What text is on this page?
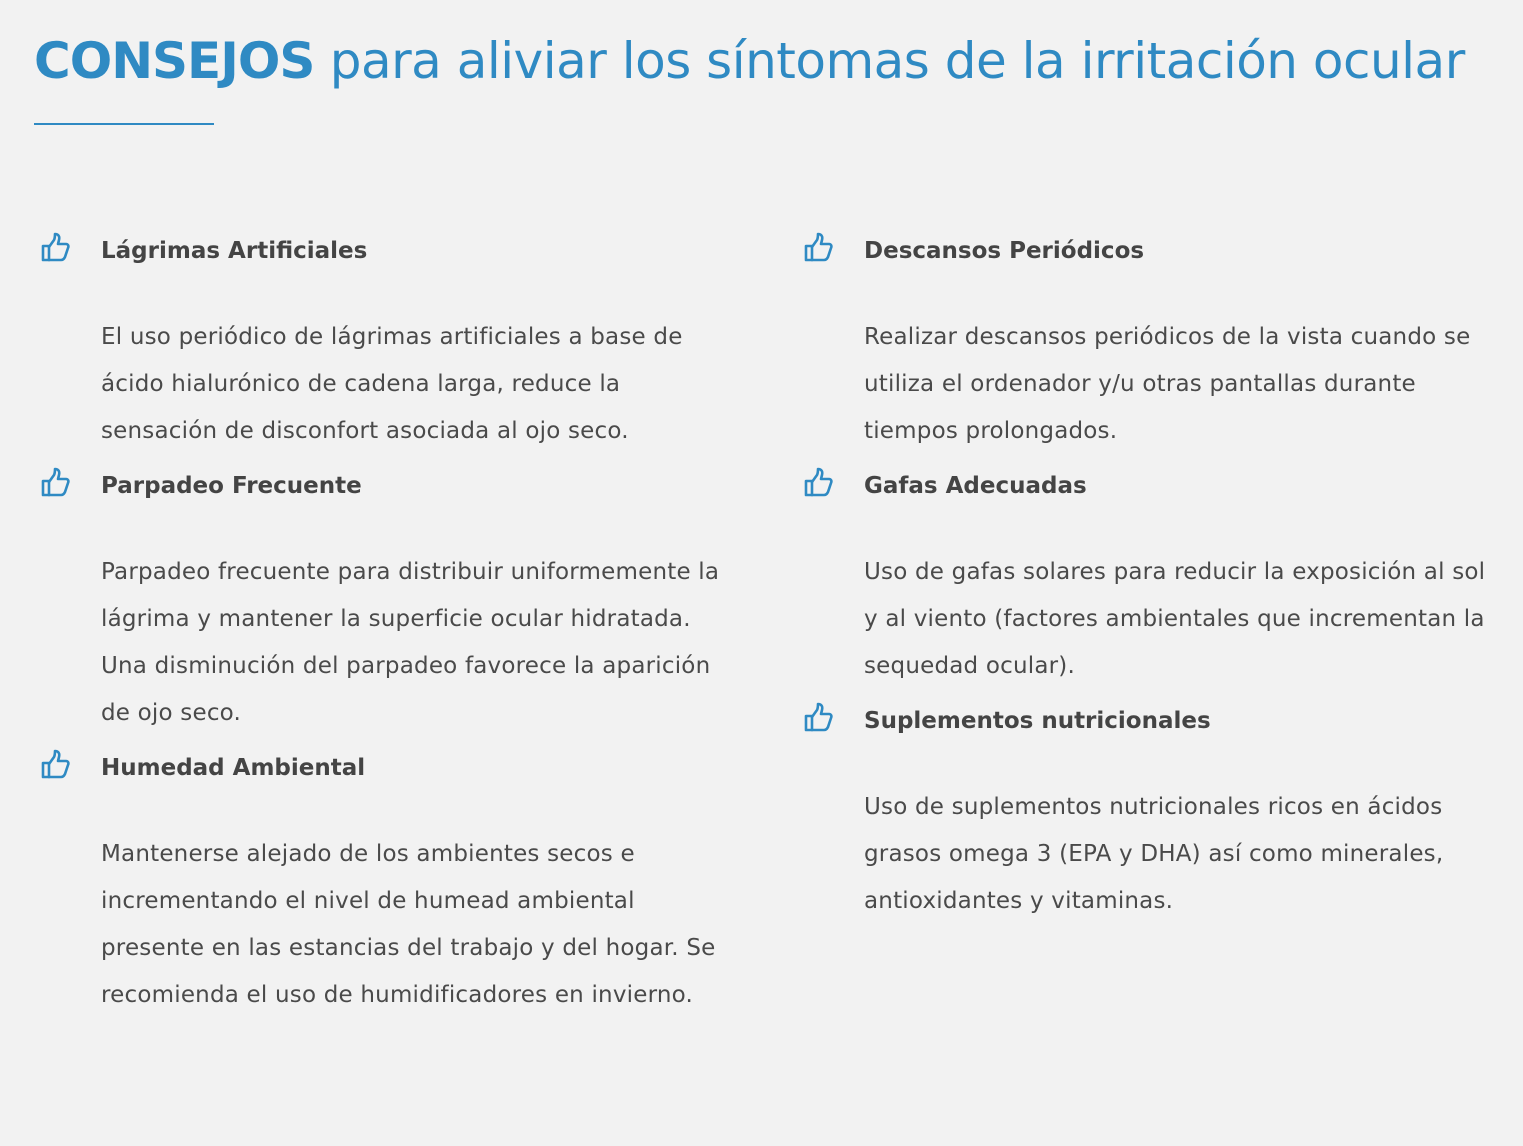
CONSEJOS para aliviar los síntomas de la irritación ocular
Lágrimas Artificiales

El uso periódico de lágrimas artificiales a base de ácido hialurónico de cadena larga, reduce la sensación de disconfort asociada al ojo seco.

Parpadeo Frecuente

Parpadeo frecuente para distribuir uniformemente la lágrima y mantener la superficie ocular hidratada. Una disminución del parpadeo favorece la aparición de ojo seco.

Humedad Ambiental

Mantenerse alejado de los ambientes secos e incrementando el nivel de humead ambiental presente en las estancias del trabajo y del hogar. Se recomienda el uso de humidificadores en invierno.

Descansos Periódicos

Realizar descansos periódicos de la vista cuando se utiliza el ordenador y/u otras pantallas durante tiempos prolongados.

Gafas Adecuadas

Uso de gafas solares para reducir la exposición al sol y al viento (factores ambientales que incrementan la sequedad ocular).

Suplementos nutricionales

Uso de suplementos nutricionales ricos en ácidos grasos omega 3 (EPA y DHA) así como minerales, antioxidantes y vitaminas.
